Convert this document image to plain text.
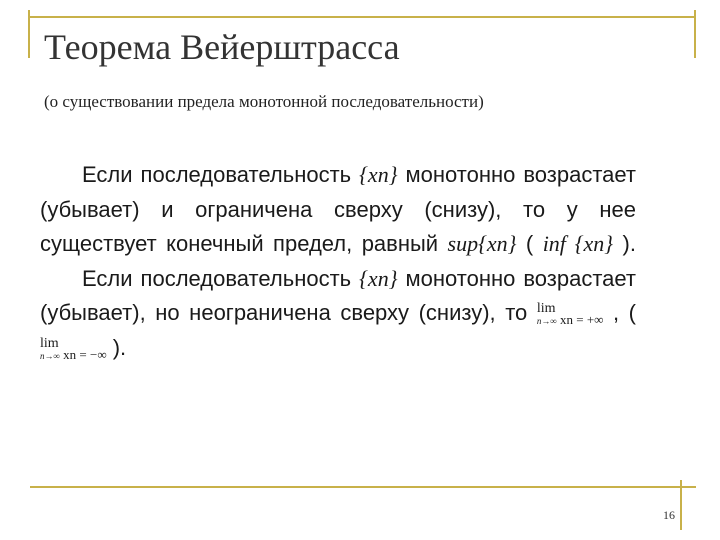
Теорема Вейерштрасса
(о существовании предела монотонной последовательности)

Если последовательность {xn} монотонно возрастает (убывает) и ограничена сверху (снизу), то у нее существует конечный предел, равный sup{xn} ( inf {xn} ).

Если последовательность {xn} монотонно возрастает (убывает), но неограничена сверху (снизу), то lim
n→∞ xn = +∞ , (
lim
n→∞ xn = −∞ ).

16
